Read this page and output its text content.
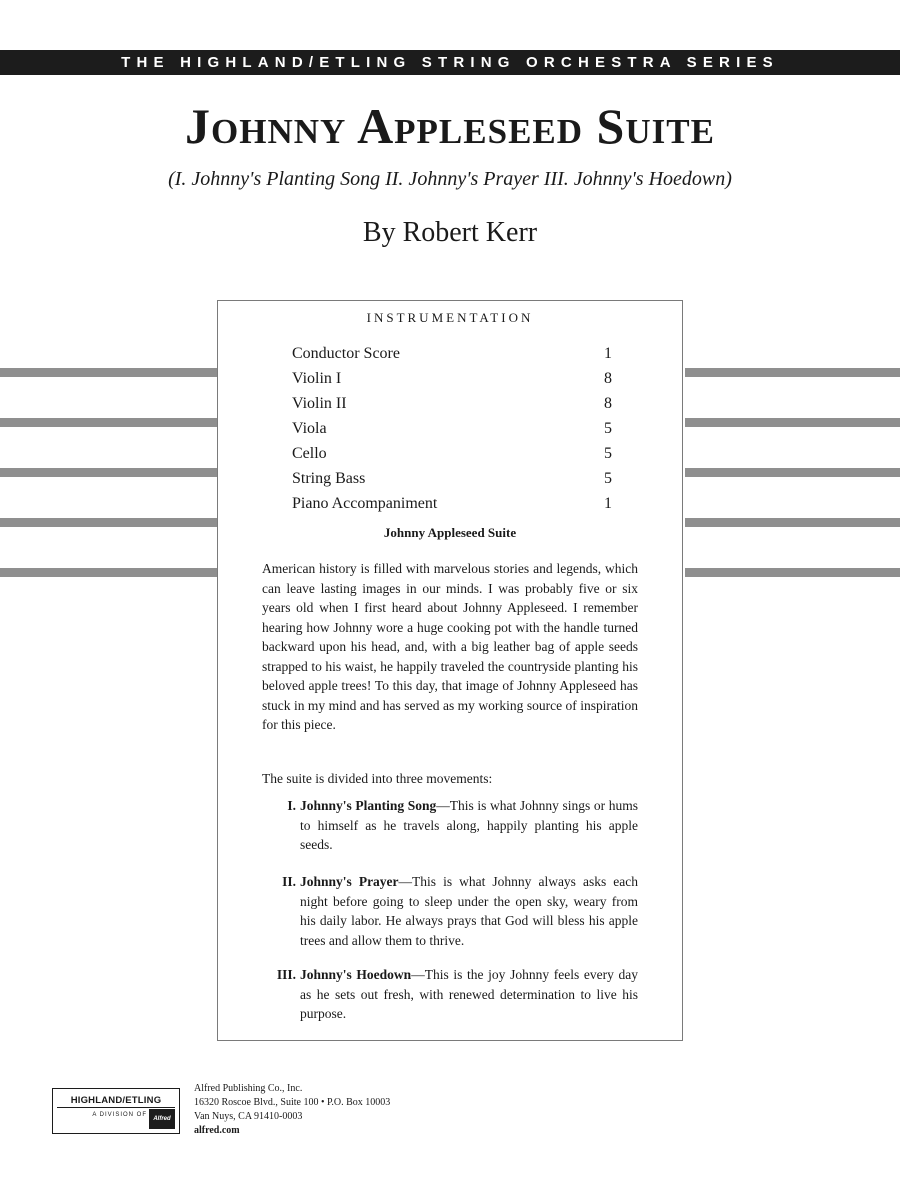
THE HIGHLAND/ETLING STRING ORCHESTRA SERIES
Johnny Appleseed Suite
(I. Johnny's Planting Song II. Johnny's Prayer III. Johnny's Hoedown)
By Robert Kerr
INSTRUMENTATION
Conductor Score	1
Violin I	8
Violin II	8
Viola	5
Cello	5
String Bass	5
Piano Accompaniment	1
Johnny Appleseed Suite

American history is filled with marvelous stories and legends, which can leave lasting images in our minds. I was probably five or six years old when I first heard about Johnny Appleseed. I remember hearing how Johnny wore a huge cooking pot with the handle turned backward upon his head, and, with a big leather bag of apple seeds strapped to his waist, he happily traveled the countryside planting his beloved apple trees! To this day, that image of Johnny Appleseed has stuck in my mind and has served as my working source of inspiration for this piece.

The suite is divided into three movements:

I. Johnny's Planting Song—This is what Johnny sings or hums to himself as he travels along, happily planting his apple seeds.

II. Johnny's Prayer—This is what Johnny always asks each night before going to sleep under the open sky, weary from his daily labor. He always prays that God will bless his apple trees and allow them to thrive.

III. Johnny's Hoedown—This is the joy Johnny feels every day as he sets out fresh, with renewed determination to live his purpose.

HIGHLAND/ETLING
A DIVISION OF
Alfred
Alfred Publishing Co., Inc.
16320 Roscoe Blvd., Suite 100 • P.O. Box 10003
Van Nuys, CA 91410-0003
alfred.com
